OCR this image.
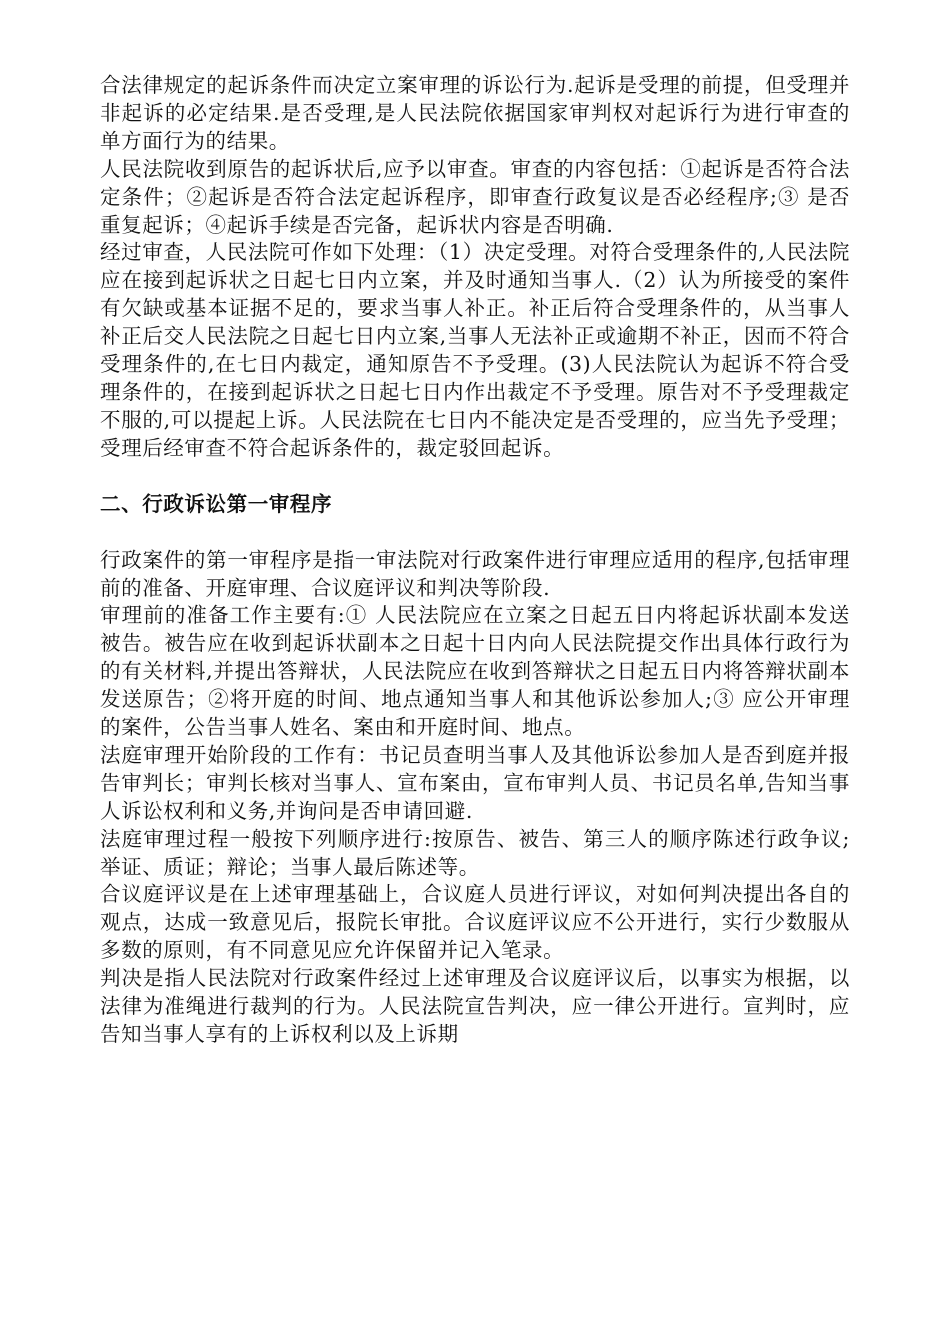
合法律规定的起诉条件而决定立案审理的诉讼行为.起诉是受理的前提，但受理并非起诉的必定结果.是否受理,是人民法院依据国家审判权对起诉行为进行审查的单方面行为的结果。

人民法院收到原告的起诉状后,应予以审查。审查的内容包括：①起诉是否符合法定条件；②起诉是否符合法定起诉程序，即审查行政复议是否必经程序;③ 是否重复起诉；④起诉手续是否完备，起诉状内容是否明确.

经过审查，人民法院可作如下处理：（1）决定受理。对符合受理条件的,人民法院应在接到起诉状之日起七日内立案，并及时通知当事人.（2）认为所接受的案件有欠缺或基本证据不足的，要求当事人补正。补正后符合受理条件的，从当事人补正后交人民法院之日起七日内立案,当事人无法补正或逾期不补正，因而不符合受理条件的,在七日内裁定，通知原告不予受理。(3)人民法院认为起诉不符合受理条件的，在接到起诉状之日起七日内作出裁定不予受理。原告对不予受理裁定不服的,可以提起上诉。人民法院在七日内不能决定是否受理的，应当先予受理；受理后经审查不符合起诉条件的，裁定驳回起诉。

二、行政诉讼第一审程序

行政案件的第一审程序是指一审法院对行政案件进行审理应适用的程序,包括审理前的准备、开庭审理、合议庭评议和判决等阶段.

审理前的准备工作主要有:① 人民法院应在立案之日起五日内将起诉状副本发送被告。被告应在收到起诉状副本之日起十日内向人民法院提交作出具体行政行为的有关材料,并提出答辩状，人民法院应在收到答辩状之日起五日内将答辩状副本发送原告；②将开庭的时间、地点通知当事人和其他诉讼参加人;③ 应公开审理的案件，公告当事人姓名、案由和开庭时间、地点。

法庭审理开始阶段的工作有：书记员查明当事人及其他诉讼参加人是否到庭并报告审判长；审判长核对当事人、宣布案由，宣布审判人员、书记员名单,告知当事人诉讼权利和义务,并询问是否申请回避.

法庭审理过程一般按下列顺序进行:按原告、被告、第三人的顺序陈述行政争议;举证、质证；辩论；当事人最后陈述等。

合议庭评议是在上述审理基础上，合议庭人员进行评议，对如何判决提出各自的观点，达成一致意见后，报院长审批。合议庭评议应不公开进行，实行少数服从多数的原则，有不同意见应允许保留并记入笔录。

判决是指人民法院对行政案件经过上述审理及合议庭评议后，以事实为根据，以法律为准绳进行裁判的行为。人民法院宣告判决，应一律公开进行。宣判时，应告知当事人享有的上诉权利以及上诉期
